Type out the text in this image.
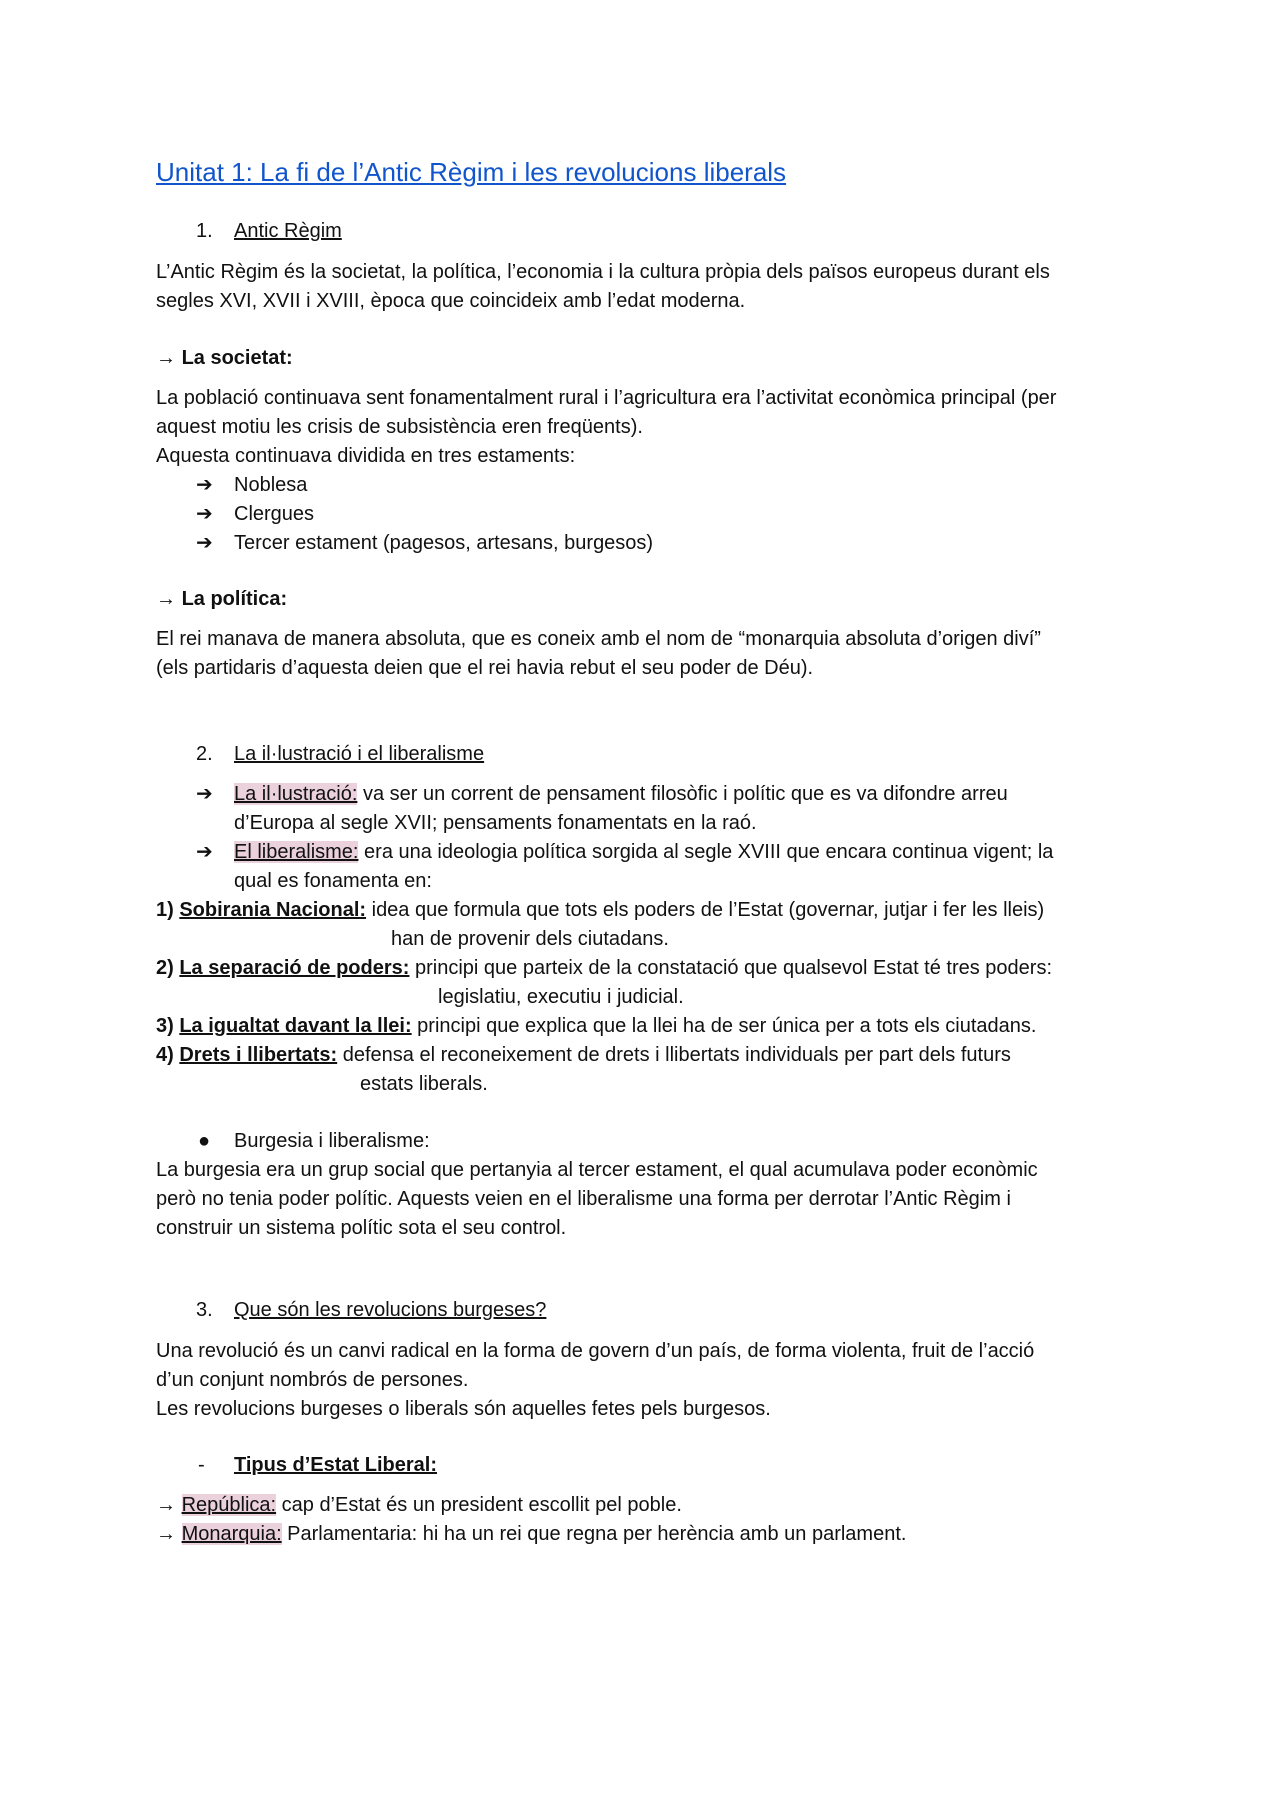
Unitat 1: La fi de l’Antic Règim i les revolucions liberals
1. Antic Règim
L’Antic Règim és la societat, la política, l’economia i la cultura pròpia dels països europeus durant els
segles XVI, XVII i XVIII, època que coincideix amb l’edat moderna.
→ La societat:
La població continuava sent fonamentalment rural i l’agricultura era l’activitat econòmica principal (per
aquest motiu les crisis de subsistència eren freqüents).
Aquesta continuava dividida en tres estaments:
➔ Noblesa
➔ Clergues
➔ Tercer estament (pagesos, artesans, burgesos)
→ La política:
El rei manava de manera absoluta, que es coneix amb el nom de “monarquia absoluta d’origen diví”
(els partidaris d’aquesta deien que el rei havia rebut el seu poder de Déu).
2. La il·lustració i el liberalisme
➔ La il·lustració: va ser un corrent de pensament filosòfic i polític que es va difondre arreu
d’Europa al segle XVII; pensaments fonamentats en la raó.
➔ El liberalisme: era una ideologia política sorgida al segle XVIII que encara continua vigent; la
qual es fonamenta en:
1) Sobirania Nacional: idea que formula que tots els poders de l’Estat (governar, jutjar i fer les lleis)
han de provenir dels ciutadans.
2) La separació de poders: principi que parteix de la constatació que qualsevol Estat té tres poders:
legislatiu, executiu i judicial.
3) La igualtat davant la llei: principi que explica que la llei ha de ser única per a tots els ciutadans.
4) Drets i llibertats: defensa el reconeixement de drets i llibertats individuals per part dels futurs
estats liberals.
● Burgesia i liberalisme:
La burgesia era un grup social que pertanyia al tercer estament, el qual acumulava poder econòmic
però no tenia poder polític. Aquests veien en el liberalisme una forma per derrotar l’Antic Règim i
construir un sistema polític sota el seu control.
3. Que són les revolucions burgeses?
Una revolució és un canvi radical en la forma de govern d’un país, de forma violenta, fruit de l’acció
d’un conjunt nombrós de persones.
Les revolucions burgeses o liberals són aquelles fetes pels burgesos.
- Tipus d’Estat Liberal:
→ República: cap d’Estat és un president escollit pel poble.
→ Monarquia: Parlamentaria: hi ha un rei que regna per herència amb un parlament.
